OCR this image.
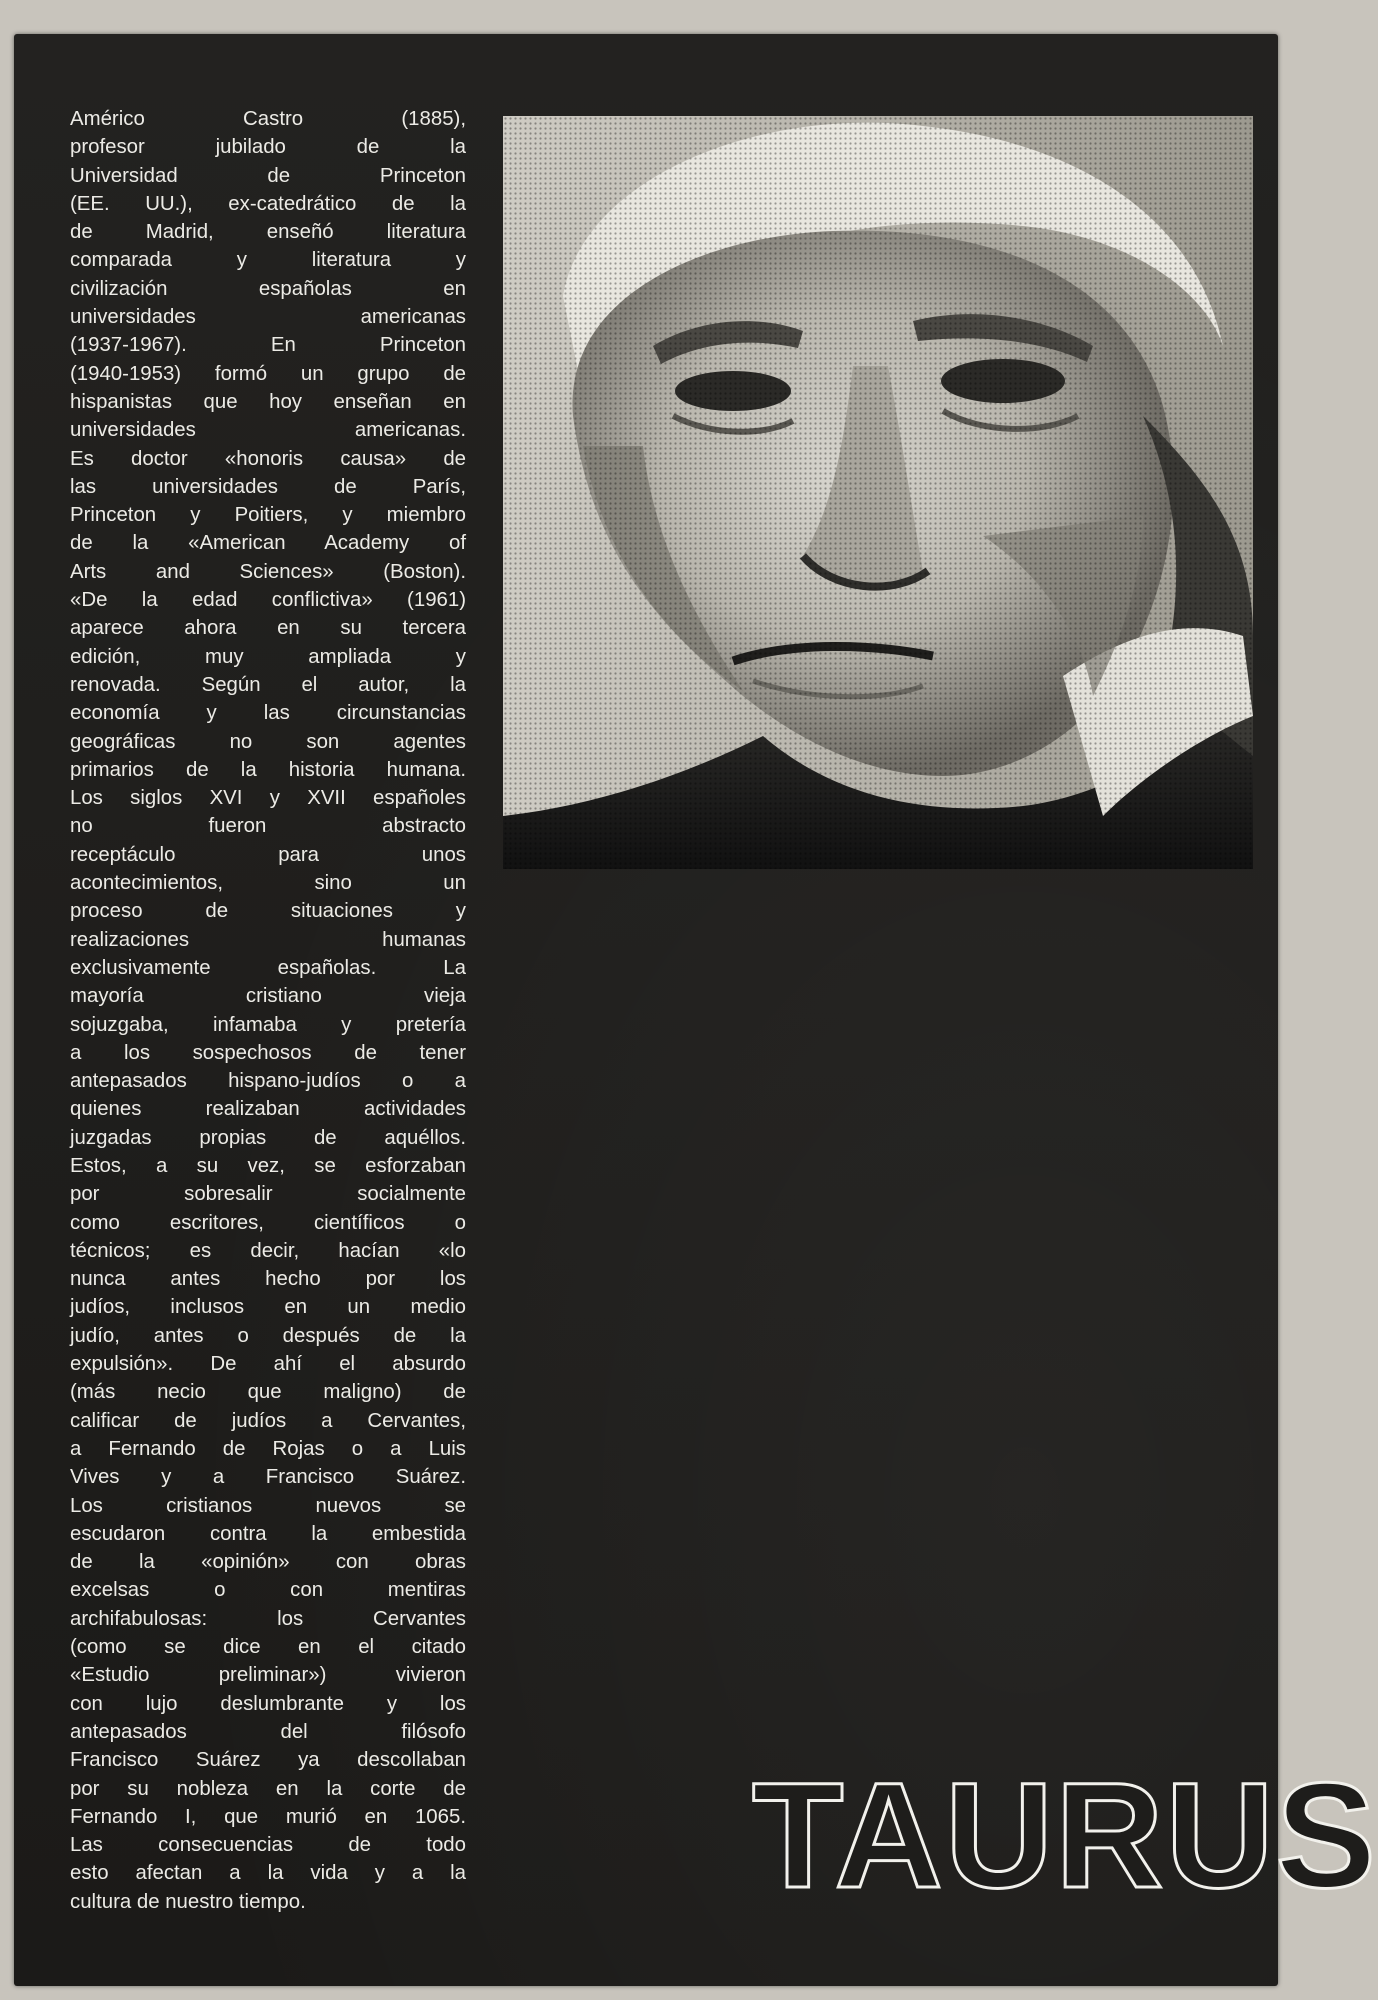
Américo Castro (1885),
profesor jubilado de la
Universidad de Princeton
(EE. UU.), ex-catedrático de la
de Madrid, enseñó literatura
comparada y literatura y
civilización españolas en
universidades americanas
(1937-1967). En Princeton
(1940-1953) formó un grupo de
hispanistas que hoy enseñan en
universidades americanas.
Es doctor «honoris causa» de
las universidades de París,
Princeton y Poitiers, y miembro
de la «American Academy of
Arts and Sciences» (Boston).
«De la edad conflictiva» (1961)
aparece ahora en su tercera
edición, muy ampliada y
renovada. Según el autor, la
economía y las circunstancias
geográficas no son agentes
primarios de la historia humana.
Los siglos XVI y XVII españoles
no fueron abstracto
receptáculo para unos
acontecimientos, sino un
proceso de situaciones y
realizaciones humanas
exclusivamente españolas. La
mayoría cristiano vieja
sojuzgaba, infamaba y pretería
a los sospechosos de tener
antepasados hispano-judíos o a
quienes realizaban actividades
juzgadas propias de aquéllos.
Estos, a su vez, se esforzaban
por sobresalir socialmente
como escritores, científicos o
técnicos; es decir, hacían «lo
nunca antes hecho por los
judíos, inclusos en un medio
judío, antes o después de la
expulsión». De ahí el absurdo
(más necio que maligno) de
calificar de judíos a Cervantes,
a Fernando de Rojas o a Luis
Vives y a Francisco Suárez.
Los cristianos nuevos se
escudaron contra la embestida
de la «opinión» con obras
excelsas o con mentiras
archifabulosas: los Cervantes
(como se dice en el citado
«Estudio preliminar») vivieron
con lujo deslumbrante y los
antepasados del filósofo
Francisco Suárez ya descollaban
por su nobleza en la corte de
Fernando I, que murió en 1065.
Las consecuencias de todo
esto afectan a la vida y a la
cultura de nuestro tiempo.	TAURUS
